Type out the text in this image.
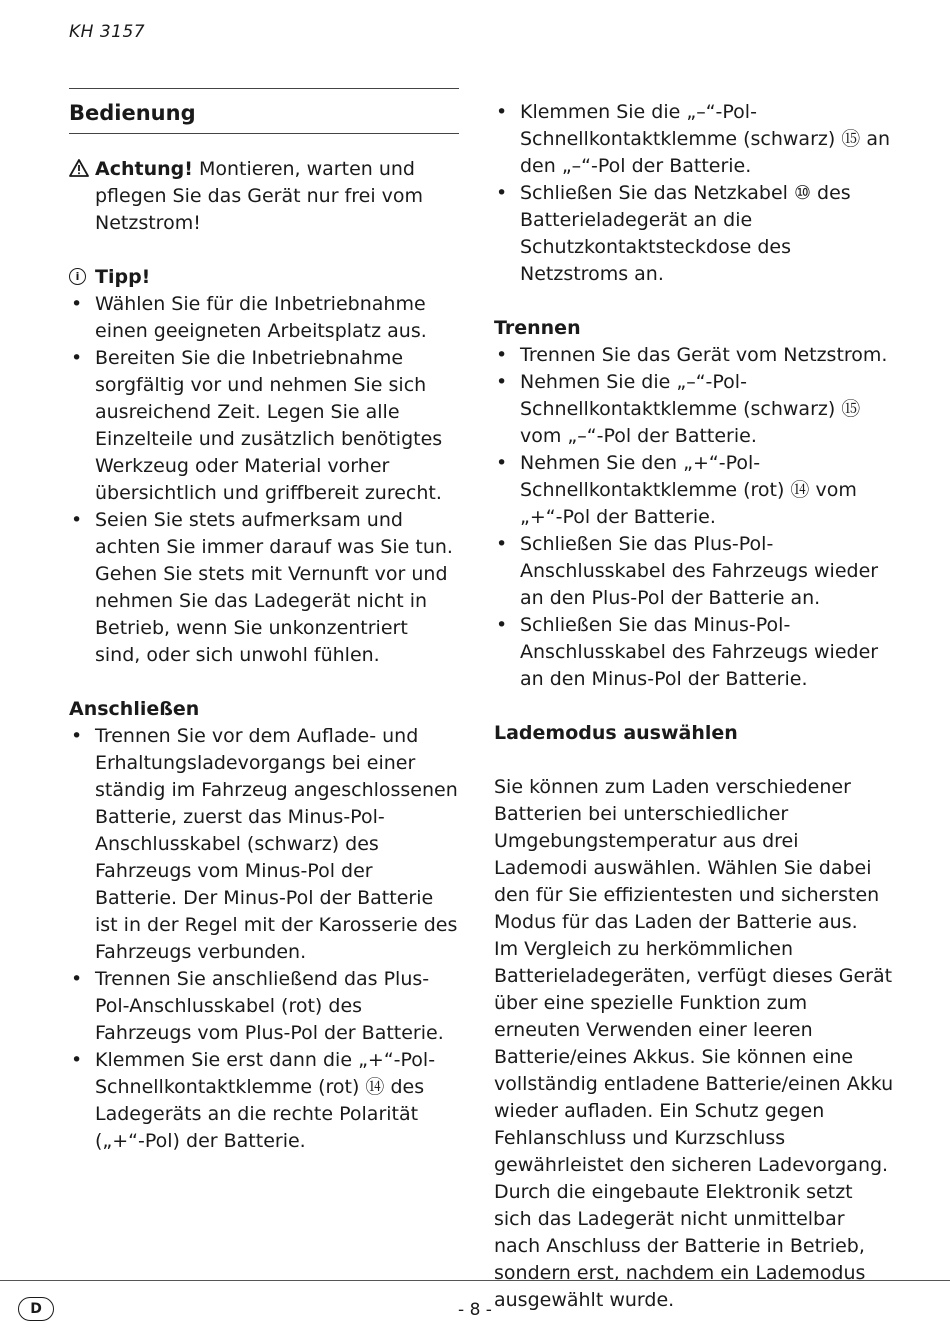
KH 3157
Bedienung
Achtung! Montieren, warten und pflegen Sie das Gerät nur frei vom Netzstrom!
i Tipp!
• Wählen Sie für die Inbetriebnahme einen geeigneten Arbeitsplatz aus.
• Bereiten Sie die Inbetriebnahme sorgfältig vor und nehmen Sie sich ausreichend Zeit. Legen Sie alle Einzelteile und zusätzlich benötigtes Werkzeug oder Material vorher übersichtlich und griffbereit zurecht.
• Seien Sie stets aufmerksam und achten Sie immer darauf was Sie tun. Gehen Sie stets mit Vernunft vor und nehmen Sie das Ladegerät nicht in Betrieb, wenn Sie unkonzentriert sind, oder sich unwohl fühlen.
Anschließen
• Trennen Sie vor dem Auflade- und Erhaltungsladevorgangs bei einer ständig im Fahrzeug angeschlossenen Batterie, zuerst das Minus-Pol-Anschlusskabel (schwarz) des Fahrzeugs vom Minus-Pol der Batterie. Der Minus-Pol der Batterie ist in der Regel mit der Karosserie des Fahrzeugs verbunden.
• Trennen Sie anschließend das Plus-Pol-Anschlusskabel (rot) des Fahrzeugs vom Plus-Pol der Batterie.
• Klemmen Sie erst dann die „+“-Pol-Schnellkontaktklemme (rot) ⑭ des Ladegeräts an die rechte Polarität („+“-Pol) der Batterie.
• Klemmen Sie die „–“-Pol-Schnellkontaktklemme (schwarz) ⑮ an den „–“-Pol der Batterie.
• Schließen Sie das Netzkabel ⑩ des Batterieladegerät an die Schutzkontaktsteckdose des Netzstroms an.
Trennen
• Trennen Sie das Gerät vom Netzstrom.
• Nehmen Sie die „–“-Pol-Schnellkontaktklemme (schwarz) ⑮ vom „–“-Pol der Batterie.
• Nehmen Sie den „+“-Pol-Schnellkontaktklemme (rot) ⑭ vom „+“-Pol der Batterie.
• Schließen Sie das Plus-Pol-Anschlusskabel des Fahrzeugs wieder an den Plus-Pol der Batterie an.
• Schließen Sie das Minus-Pol-Anschlusskabel des Fahrzeugs wieder an den Minus-Pol der Batterie.
Lademodus auswählen

Sie können zum Laden verschiedener Batterien bei unterschiedlicher Umgebungstemperatur aus drei Lademodi auswählen. Wählen Sie dabei den für Sie effizientesten und sichersten Modus für das Laden der Batterie aus.

Im Vergleich zu herkömmlichen Batterieladegeräten, verfügt dieses Gerät über eine spezielle Funktion zum erneuten Verwenden einer leeren Batterie/eines Akkus. Sie können eine vollständig entladene Batterie/einen Akku wieder aufladen. Ein Schutz gegen Fehlanschluss und Kurzschluss gewährleistet den sicheren Ladevorgang. Durch die eingebaute Elektronik setzt sich das Ladegerät nicht unmittelbar nach Anschluss der Batterie in Betrieb, sondern erst, nachdem ein Lademodus ausgewählt wurde.

D	- 8 -
